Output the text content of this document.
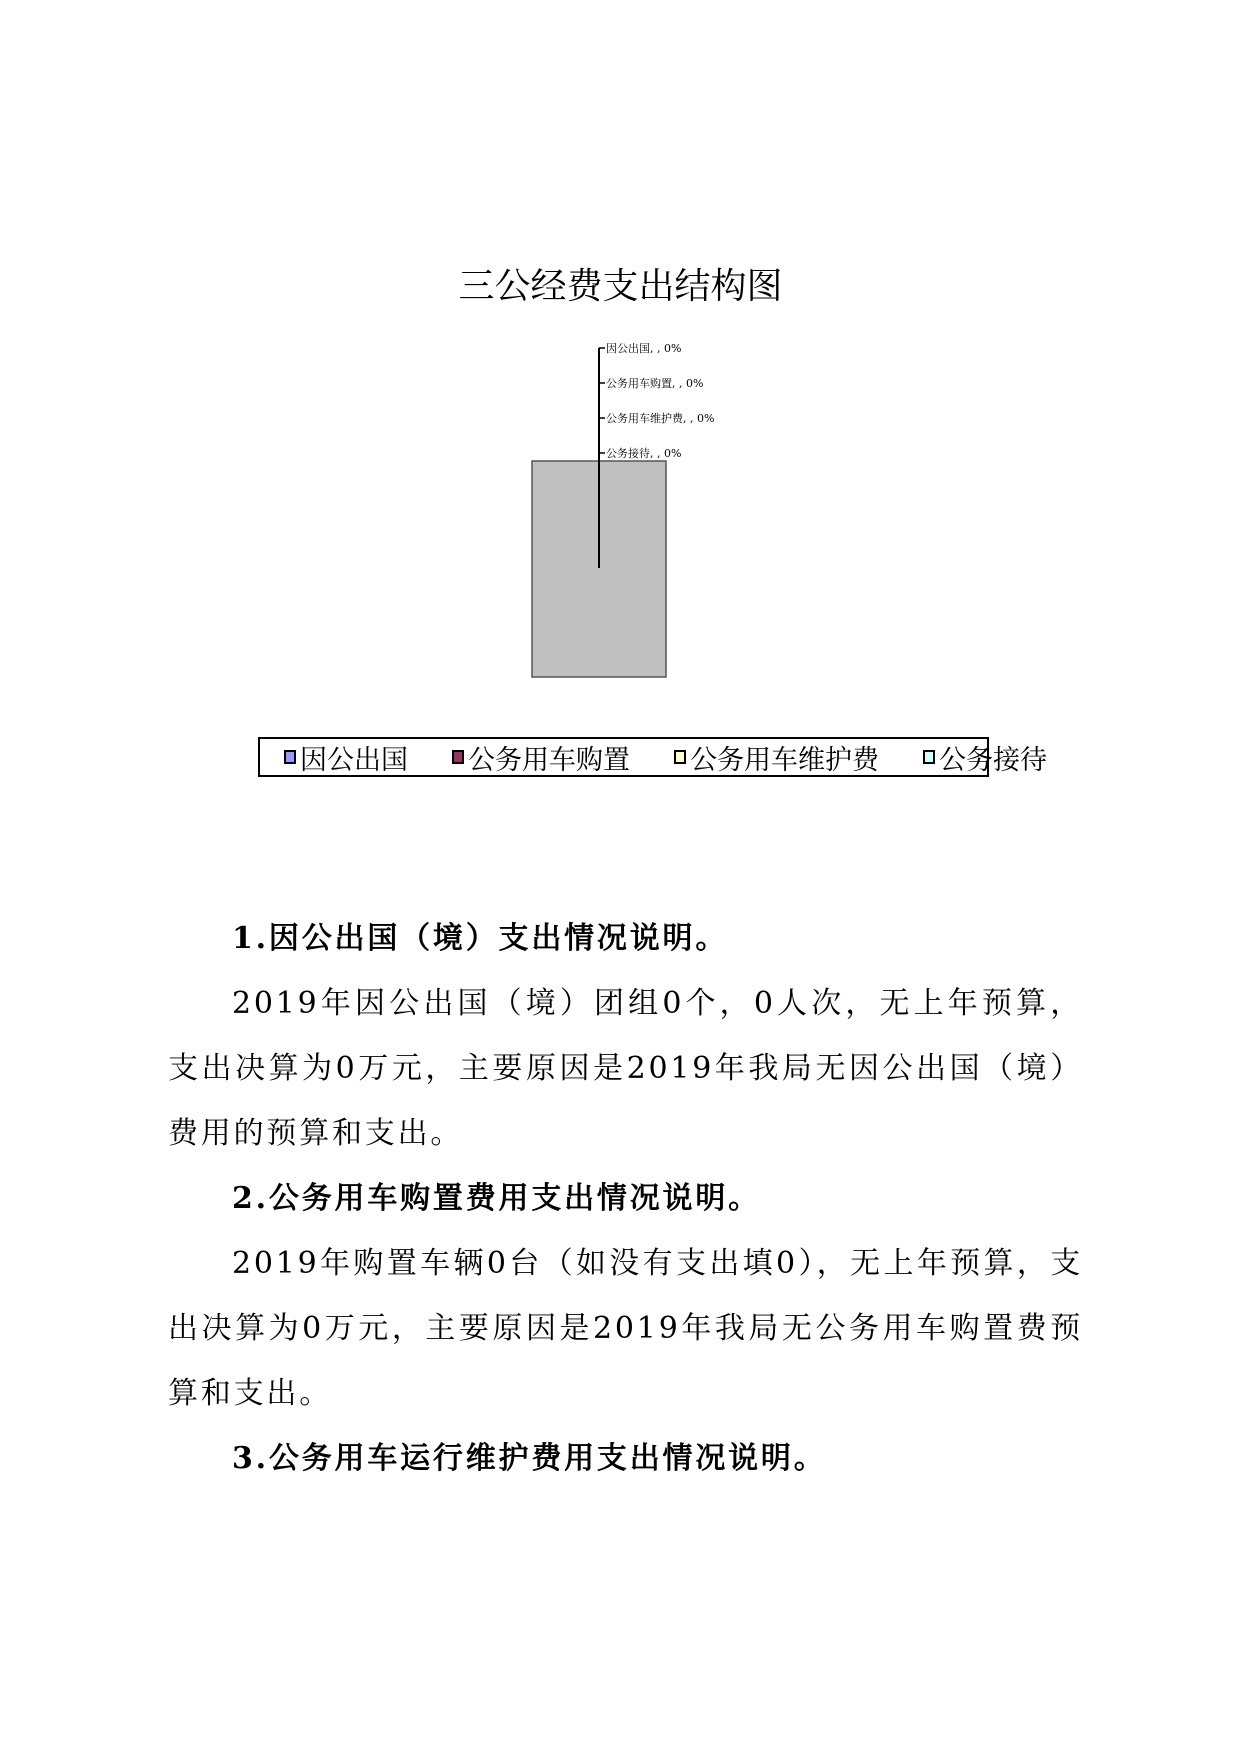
三公经费支出结构图
因公出国, , 0%
公务用车购置, , 0%
公务用车维护费, , 0%
公务接待, , 0%
因公出国 公务用车购置 公务用车维护费 公务接待

1.因公出国（境）支出情况说明。

2019年因公出国（境）团组0个，0人次，无上年预算，支出决算为0万元，主要原因是2019年我局无因公出国（境）费用的预算和支出。

2.公务用车购置费用支出情况说明。

2019年购置车辆0台（如没有支出填0），无上年预算，支出决算为0万元，主要原因是2019年我局无公务用车购置费预算和支出。

3.公务用车运行维护费用支出情况说明。
